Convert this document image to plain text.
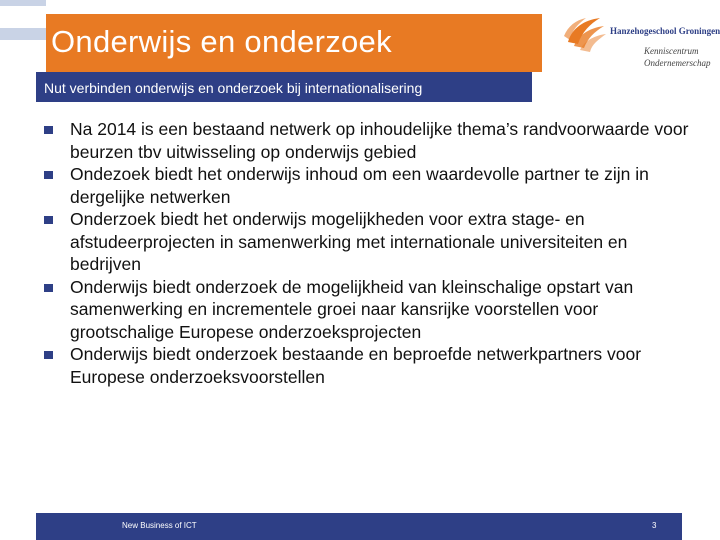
Onderwijs en onderzoek
Nut verbinden onderwijs en onderzoek bij internationalisering
Hanzehogeschool Groningen
Kenniscentrum
Ondernemerschap
Na 2014 is een bestaand netwerk op inhoudelijke thema’s randvoorwaarde voor beurzen tbv uitwisseling op onderwijs gebied
Ondezoek biedt het onderwijs inhoud om een waardevolle partner te zijn in dergelijke netwerken
Onderzoek biedt het onderwijs mogelijkheden voor extra stage- en afstudeerprojecten in samenwerking met internationale universiteiten en bedrijven
Onderwijs biedt onderzoek de mogelijkheid van kleinschalige opstart van samenwerking en incrementele groei naar kansrijke voorstellen voor grootschalige Europese onderzoeksprojecten
Onderwijs biedt onderzoek bestaande en beproefde netwerkpartners voor Europese onderzoeksvoorstellen
New Business of ICT	3
